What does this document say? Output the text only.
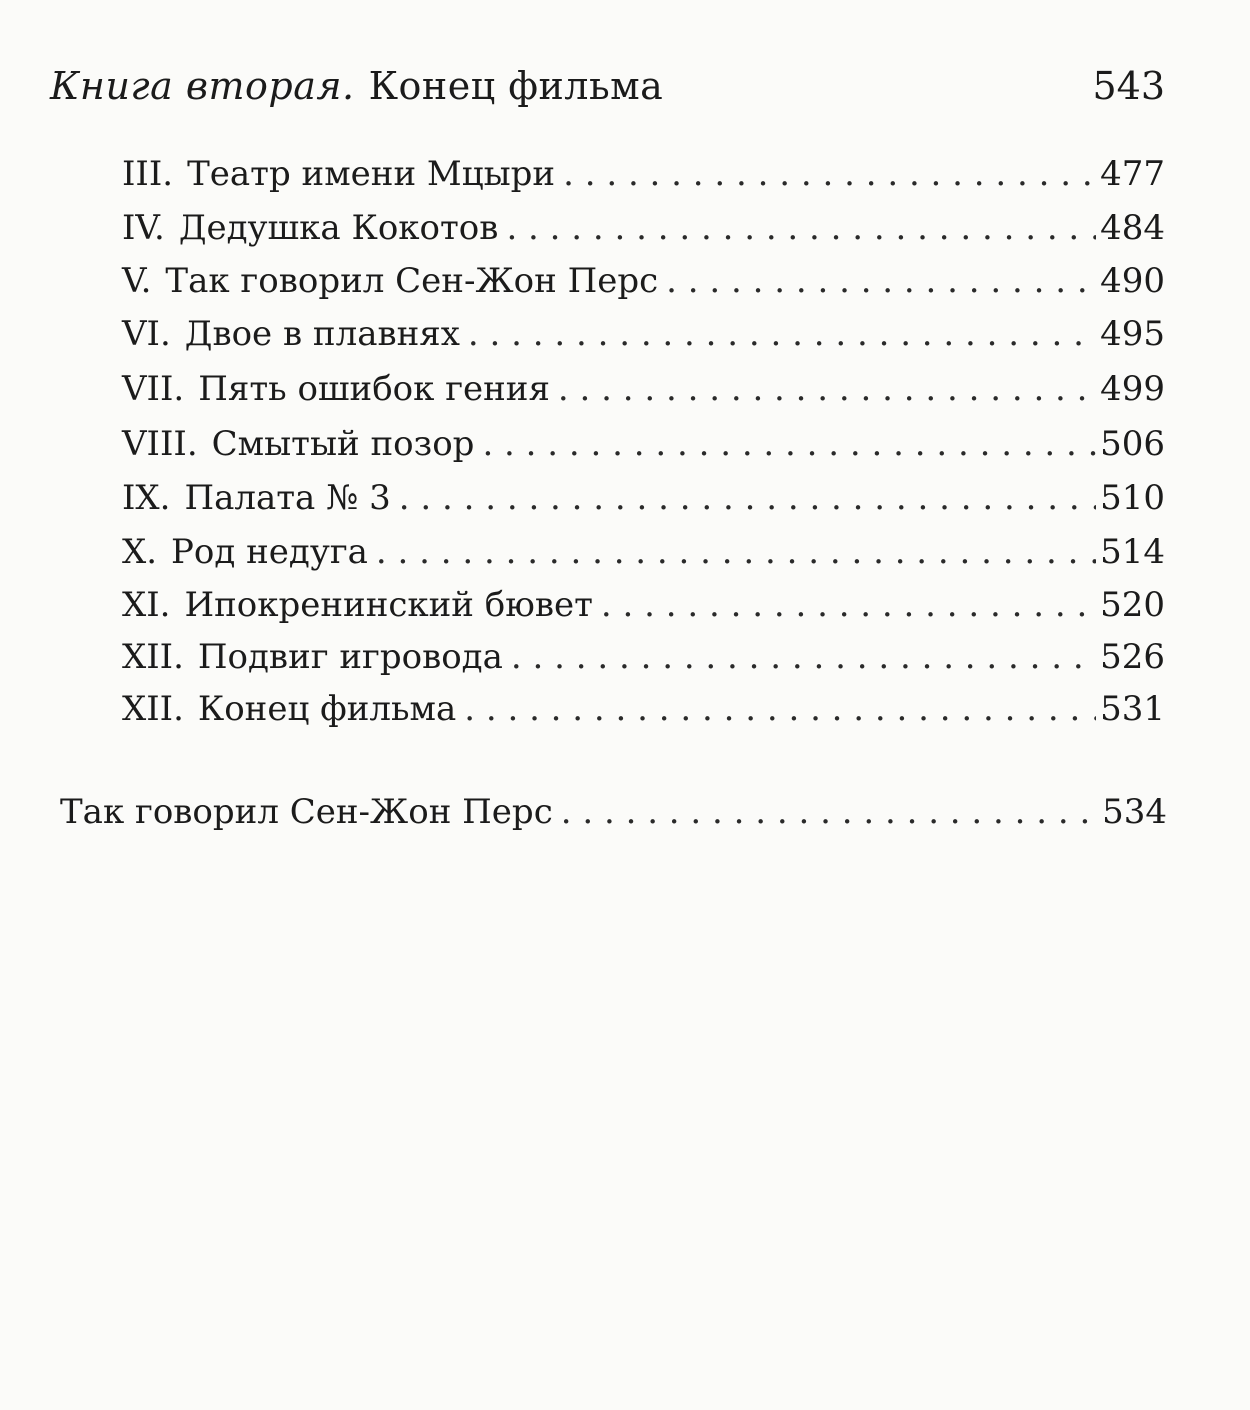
Книга вторая. Конец фильма	543
III. Театр имени Мцыри . . .	477
IV. Дедушка Кокотов . . .	484
V. Так говорил Сен-Жон Перс . . .	490
VI. Двое в плавнях . . .	495
VII. Пять ошибок гения . . .	499
VIII. Смытый позор . . .	506
IX. Палата № 3 . . .	510
X. Род недуга . . .	514
XI. Ипокренинский бювет . . .	520
XII. Подвиг игровода . . .	526
XII. Конец фильма . . .	531
Так говорил Сен-Жон Перс . . .	534
